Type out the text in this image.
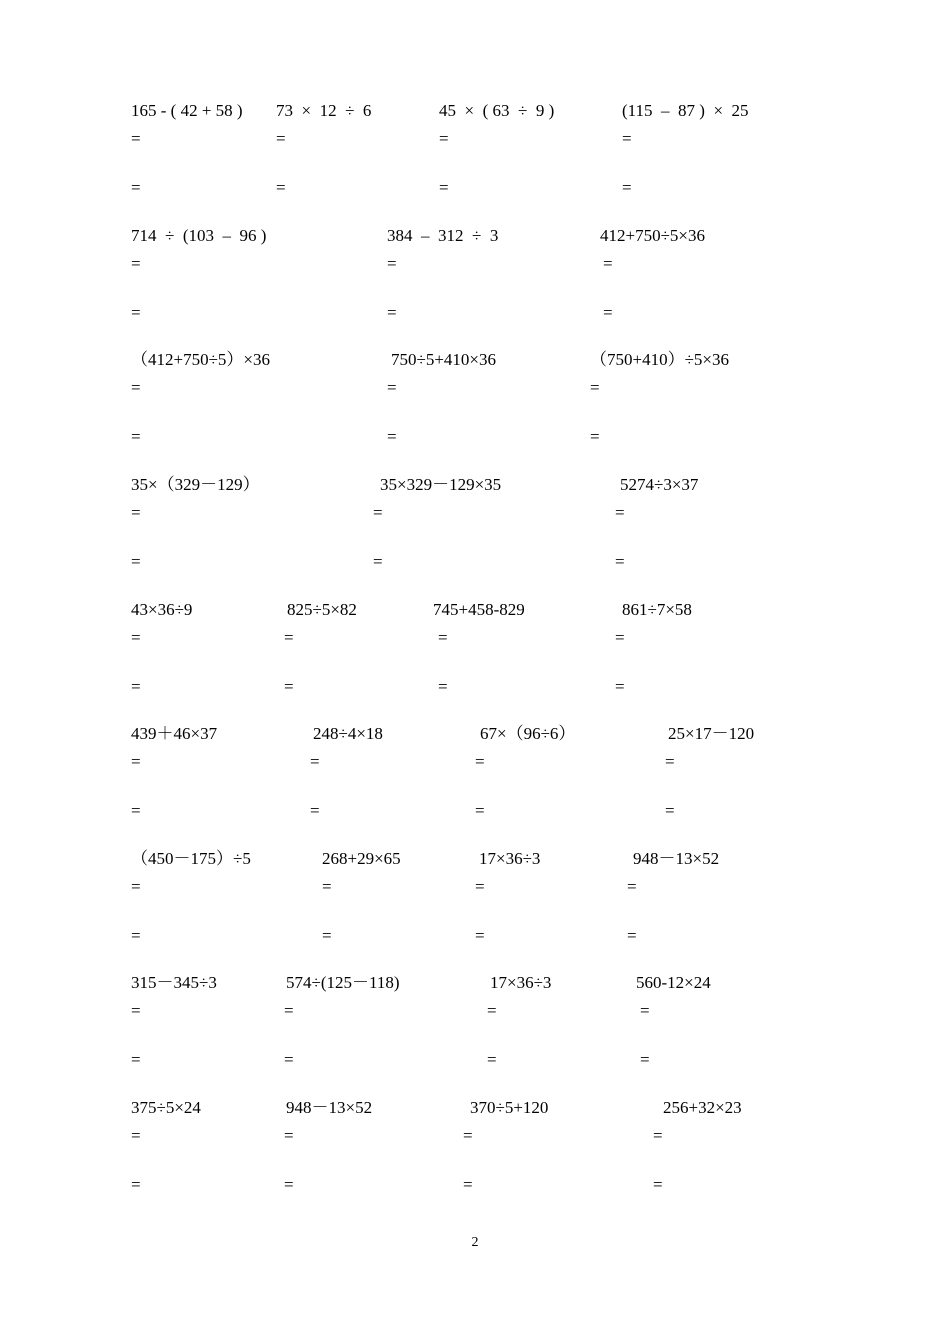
165 - ( 42 + 58 )
=
=
73  ×  12  ÷  6
=
=
45  ×  ( 63  ÷  9 )
=
=
(115  –  87 )  ×  25
=
=
714  ÷  (103  –  96 )
=
=
384  –  312  ÷  3
=
=
412+750÷5×36
=
=
（412+750÷5）×36
=
=
750÷5+410×36
=
=
（750+410）÷5×36
=
=
35×（329－129）
=
=
35×329－129×35
=
=
5274÷3×37
=
=
43×36÷9
=
=
825÷5×82
=
=
745+458-829
=
=
861÷7×58
=
=
439＋46×37
=
=
248÷4×18
=
=
67×（96÷6）
=
=
25×17－120
=
=
（450－175）÷5
=
=
268+29×65
=
=
17×36÷3
=
=
948－13×52
=
=
315－345÷3
=
=
574÷(125－118)
=
=
17×36÷3
=
=
560-12×24
=
=
375÷5×24
=
=
948－13×52
=
=
370÷5+120
=
=
256+32×23
=
=
2
